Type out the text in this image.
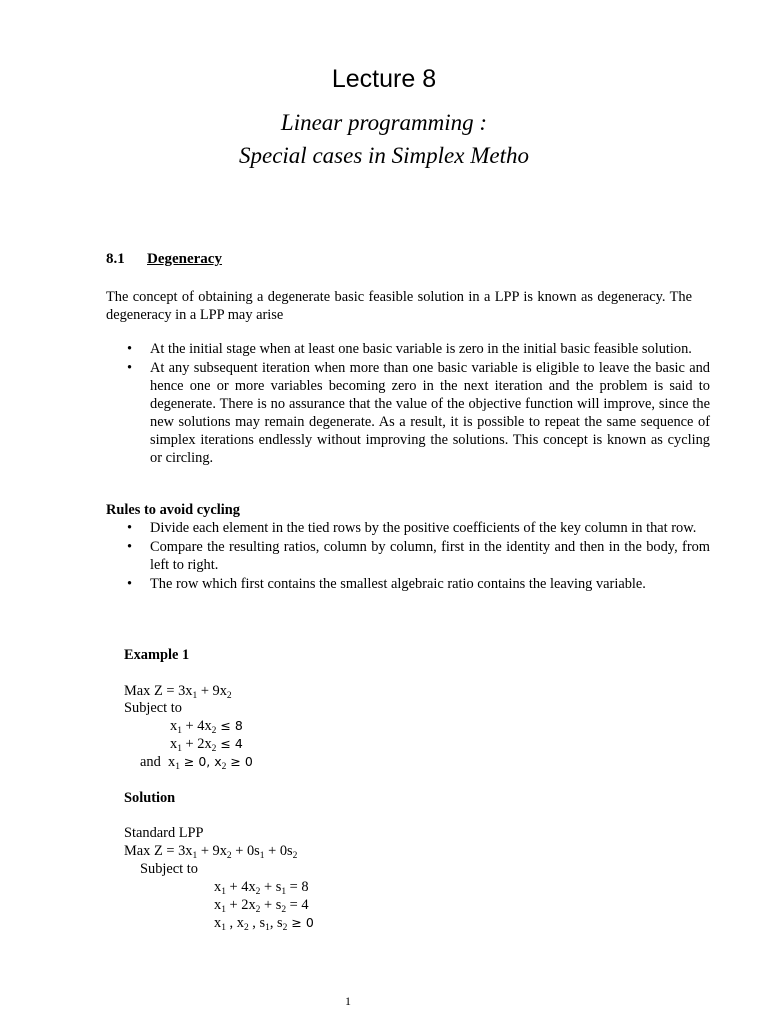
Lecture 8
Linear programming :
Special cases in Simplex Metho
8.1 Degeneracy
The concept of obtaining a degenerate basic feasible solution in a LPP is known as degeneracy. The degeneracy in a LPP may arise
• At the initial stage when at least one basic variable is zero in the initial basic feasible solution.
• At any subsequent iteration when more than one basic variable is eligible to leave the basic and hence one or more variables becoming zero in the next iteration and the problem is said to degenerate. There is no assurance that the value of the objective function will improve, since the new solutions may remain degenerate. As a result, it is possible to repeat the same sequence of simplex iterations endlessly without improving the solutions. This concept is known as cycling or circling.
Rules to avoid cycling
• Divide each element in the tied rows by the positive coefficients of the key column in that row.
• Compare the resulting ratios, column by column, first in the identity and then in the body, from left to right.
• The row which first contains the smallest algebraic ratio contains the leaving variable.
Example 1
Max $Z = 3x_1 + 9x_2$
Subject to
$x_1 + 4x_2 \le 8$
$x_1 + 2x_2 \le 4$
and $x_1 \ge 0$, $x_2 \ge 0$
Solution
Standard LPP
Max $Z = 3x_1 + 9x_2 + 0s_1 + 0s_2$
Subject to
$x_1 + 4x_2 + s_1 = 8$
$x_1 + 2x_2 + s_2 = 4$
$x_1$ , $x_2$ , $s_1$, $s_2 \ge 0$
1
